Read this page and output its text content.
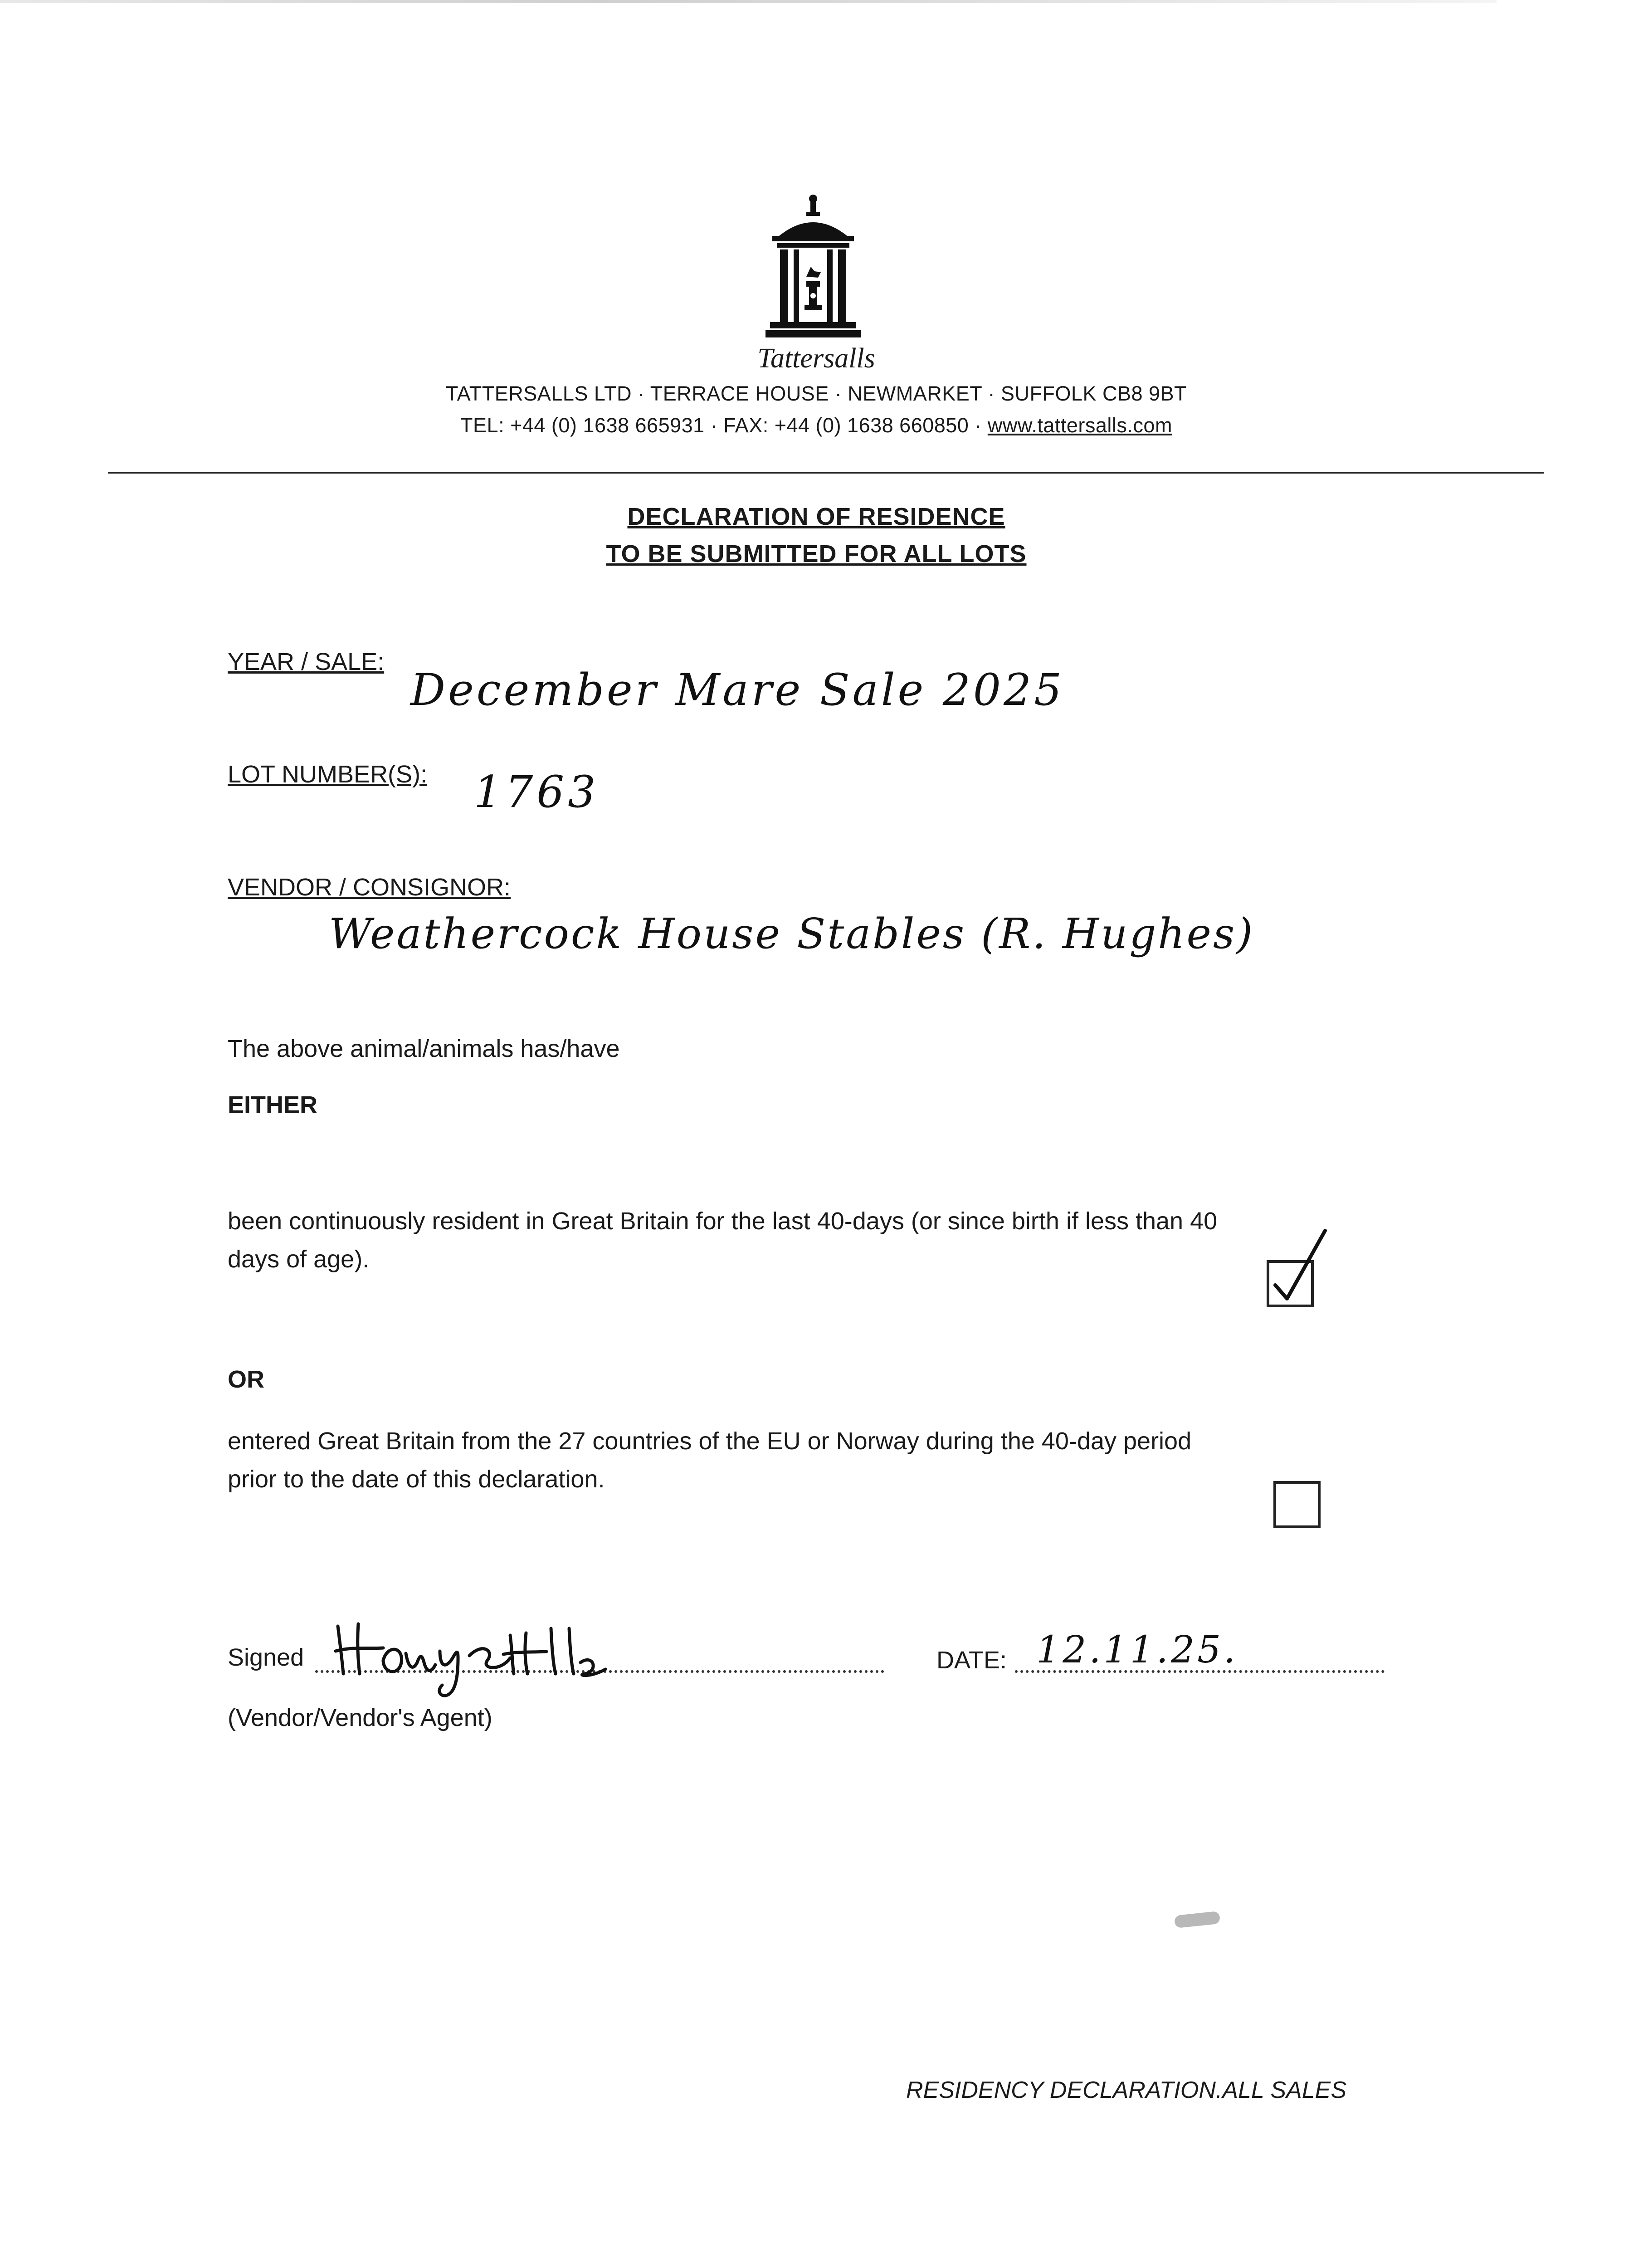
Tattersalls
TATTERSALLS LTD · TERRACE HOUSE · NEWMARKET · SUFFOLK CB8 9BT
TEL: +44 (0) 1638 665931 · FAX: +44 (0) 1638 660850 · www.tattersalls.com
DECLARATION OF RESIDENCE
TO BE SUBMITTED FOR ALL LOTS
YEAR / SALE:
December Mare Sale 2025
LOT NUMBER(S): 1763
VENDOR / CONSIGNOR:
Weathercock House Stables (R. Hughes)
The above animal/animals has/have
EITHER
been continuously resident in Great Britain for the last 40-days (or since birth if less than 40
days of age).
OR
entered Great Britain from the 27 countries of the EU or Norway during the 40-day period
prior to the date of this declaration.
Signed
(Vendor/Vendor's Agent)
DATE: 12.11.25.
RESIDENCY DECLARATION.ALL SALES
